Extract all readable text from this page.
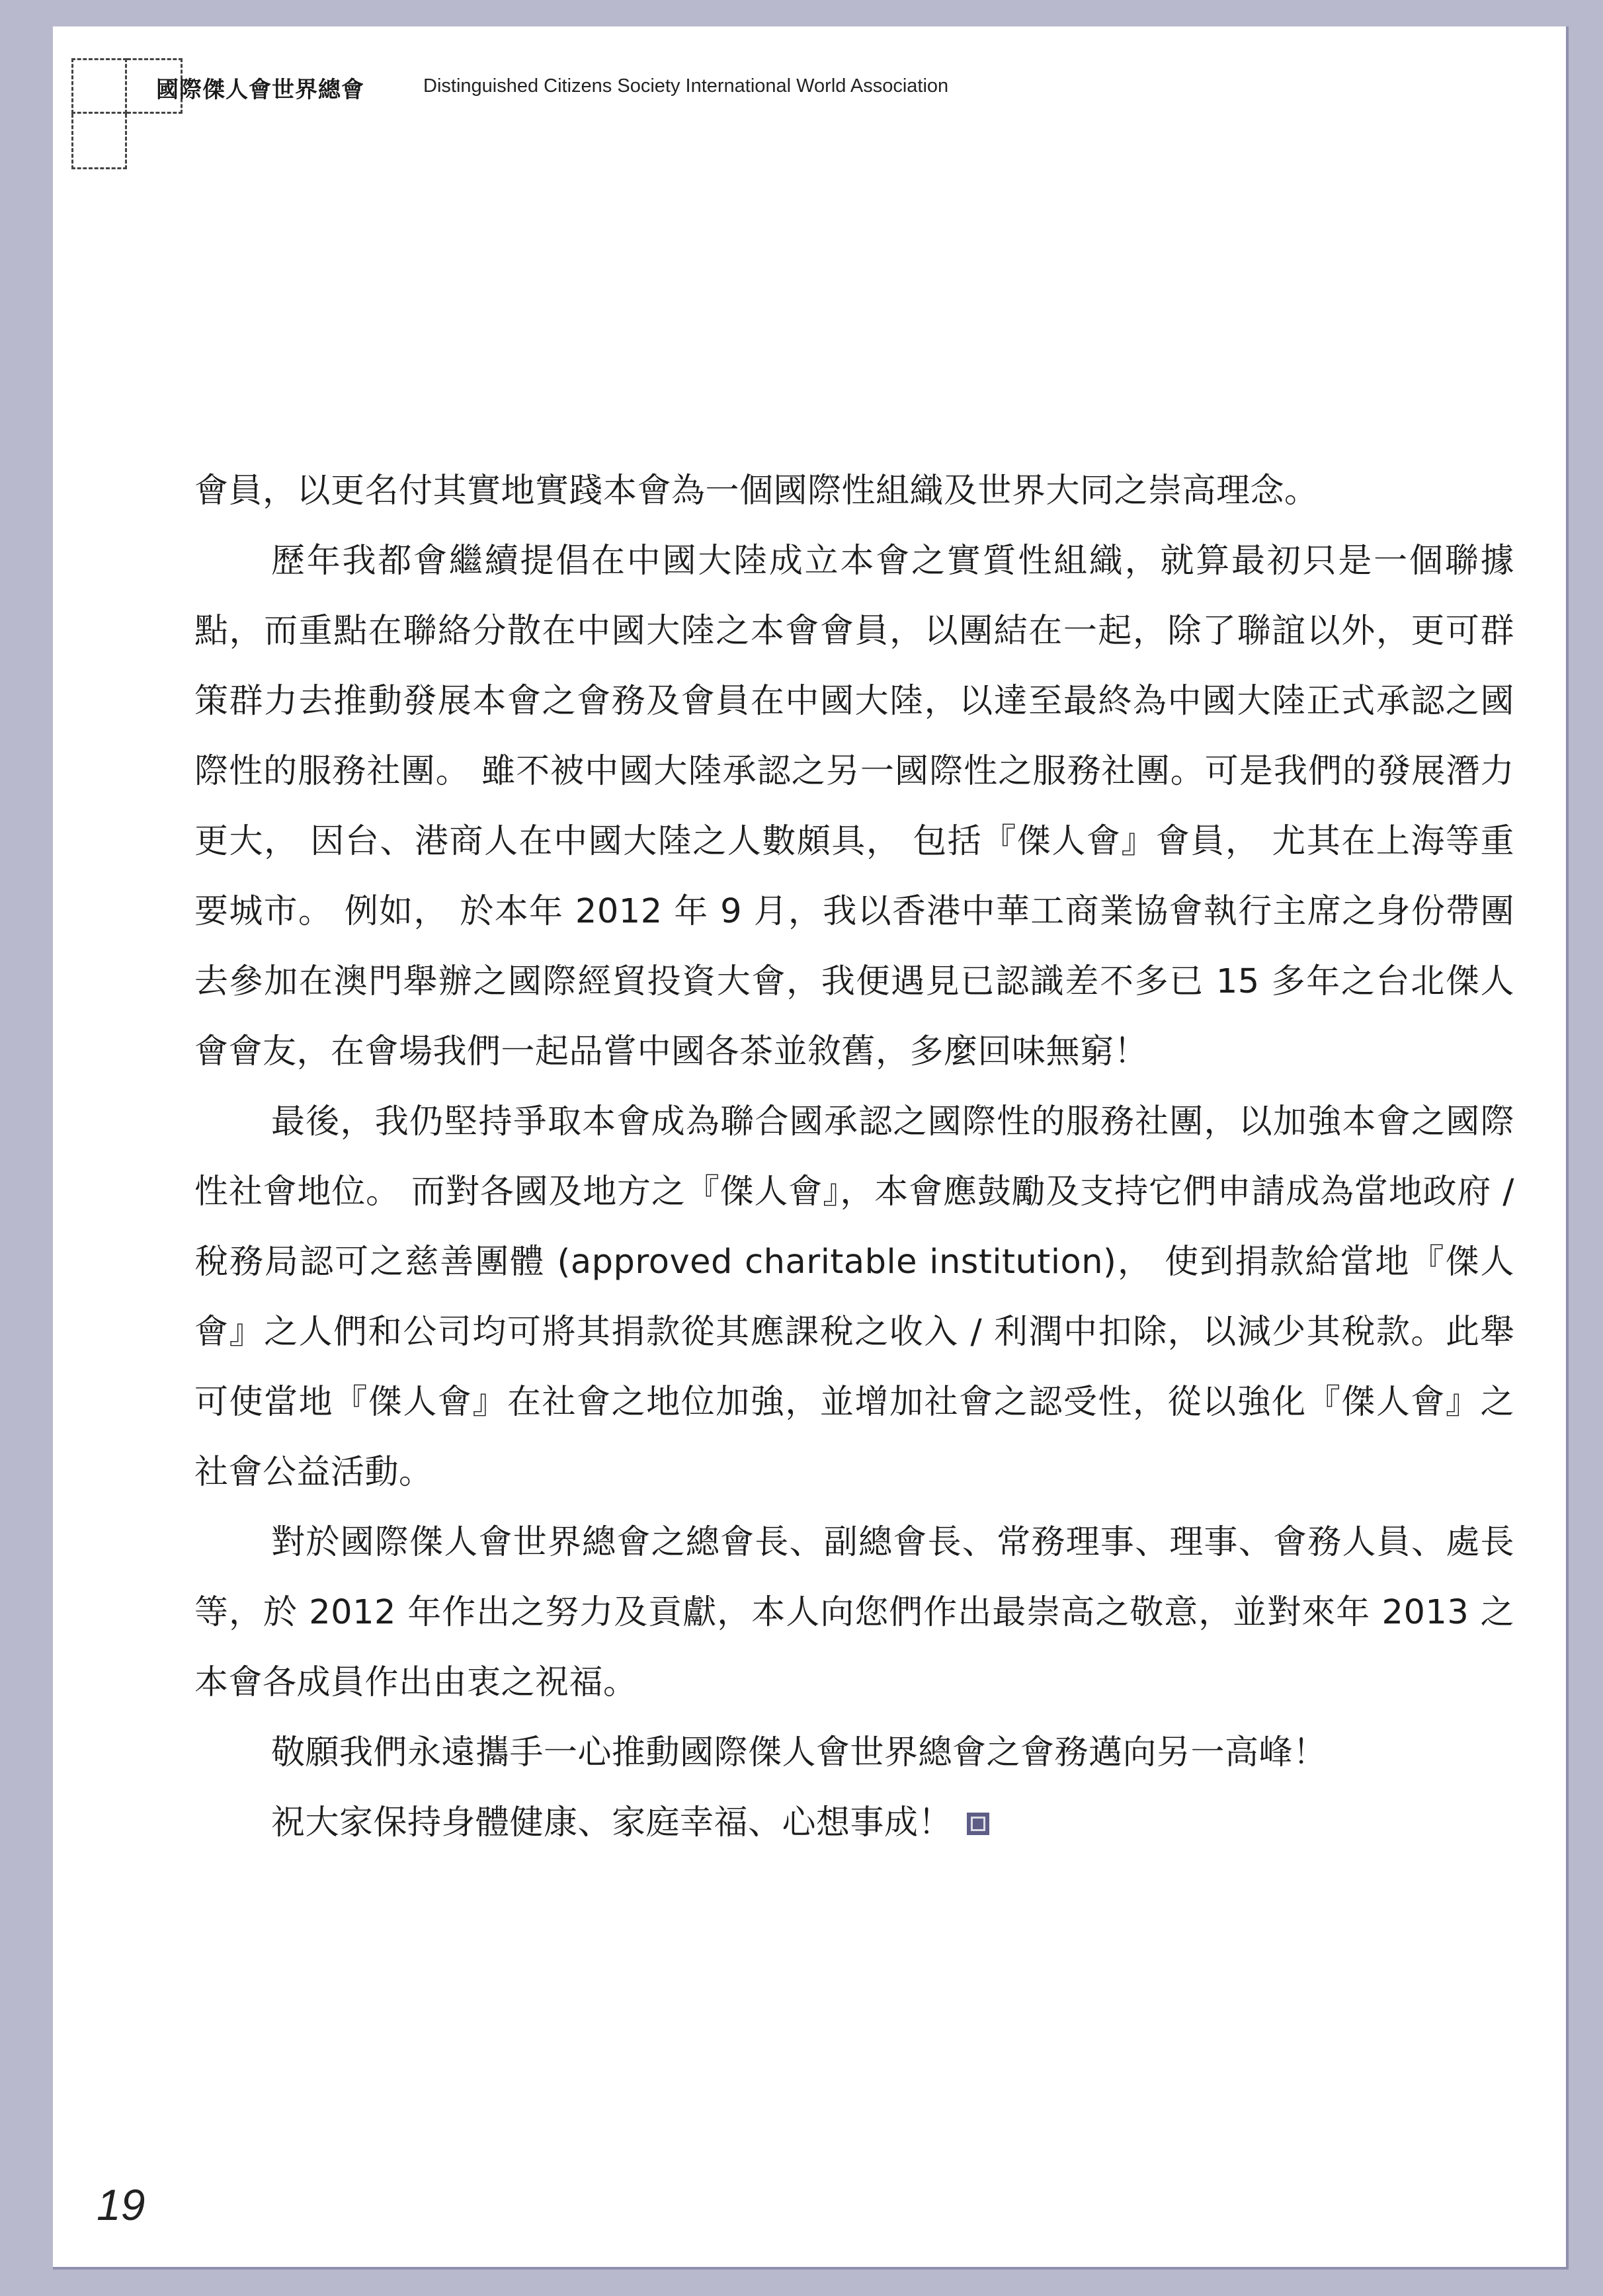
國際傑人會世界總會	Distinguished Citizens Society International World Association

會員，以更名付其實地實踐本會為一個國際性組織及世界大同之崇高理念。

歷年我都會繼續提倡在中國大陸成立本會之實質性組織，就算最初只是一個聯據點，而重點在聯絡分散在中國大陸之本會會員，以團結在一起，除了聯誼以外，更可群策群力去推動發展本會之會務及會員在中國大陸，以達至最終為中國大陸正式承認之國際性的服務社團。 雖不被中國大陸承認之另一國際性之服務社團。可是我們的發展潛力更大， 因台、港商人在中國大陸之人數頗具， 包括『傑人會』會員， 尤其在上海等重要城市。 例如， 於本年 2012 年 9 月，我以香港中華工商業協會執行主席之身份帶團去參加在澳門舉辦之國際經貿投資大會，我便遇見已認識差不多已 15 多年之台北傑人會會友，在會場我們一起品嘗中國各茶並敘舊，多麼回味無窮！

最後，我仍堅持爭取本會成為聯合國承認之國際性的服務社團，以加強本會之國際性社會地位。 而對各國及地方之『傑人會』，本會應鼓勵及支持它們申請成為當地政府 / 稅務局認可之慈善團體 (approved charitable institution)， 使到捐款給當地『傑人會』之人們和公司均可將其捐款從其應課稅之收入 / 利潤中扣除，以減少其稅款。此舉可使當地『傑人會』在社會之地位加強，並增加社會之認受性，從以強化『傑人會』之社會公益活動。

對於國際傑人會世界總會之總會長、副總會長、常務理事、理事、會務人員、處長等，於 2012 年作出之努力及貢獻，本人向您們作出最崇高之敬意，並對來年 2013 之本會各成員作出由衷之祝福。

敬願我們永遠攜手一心推動國際傑人會世界總會之會務邁向另一高峰！

祝大家保持身體健康、家庭幸福、心想事成！

19
